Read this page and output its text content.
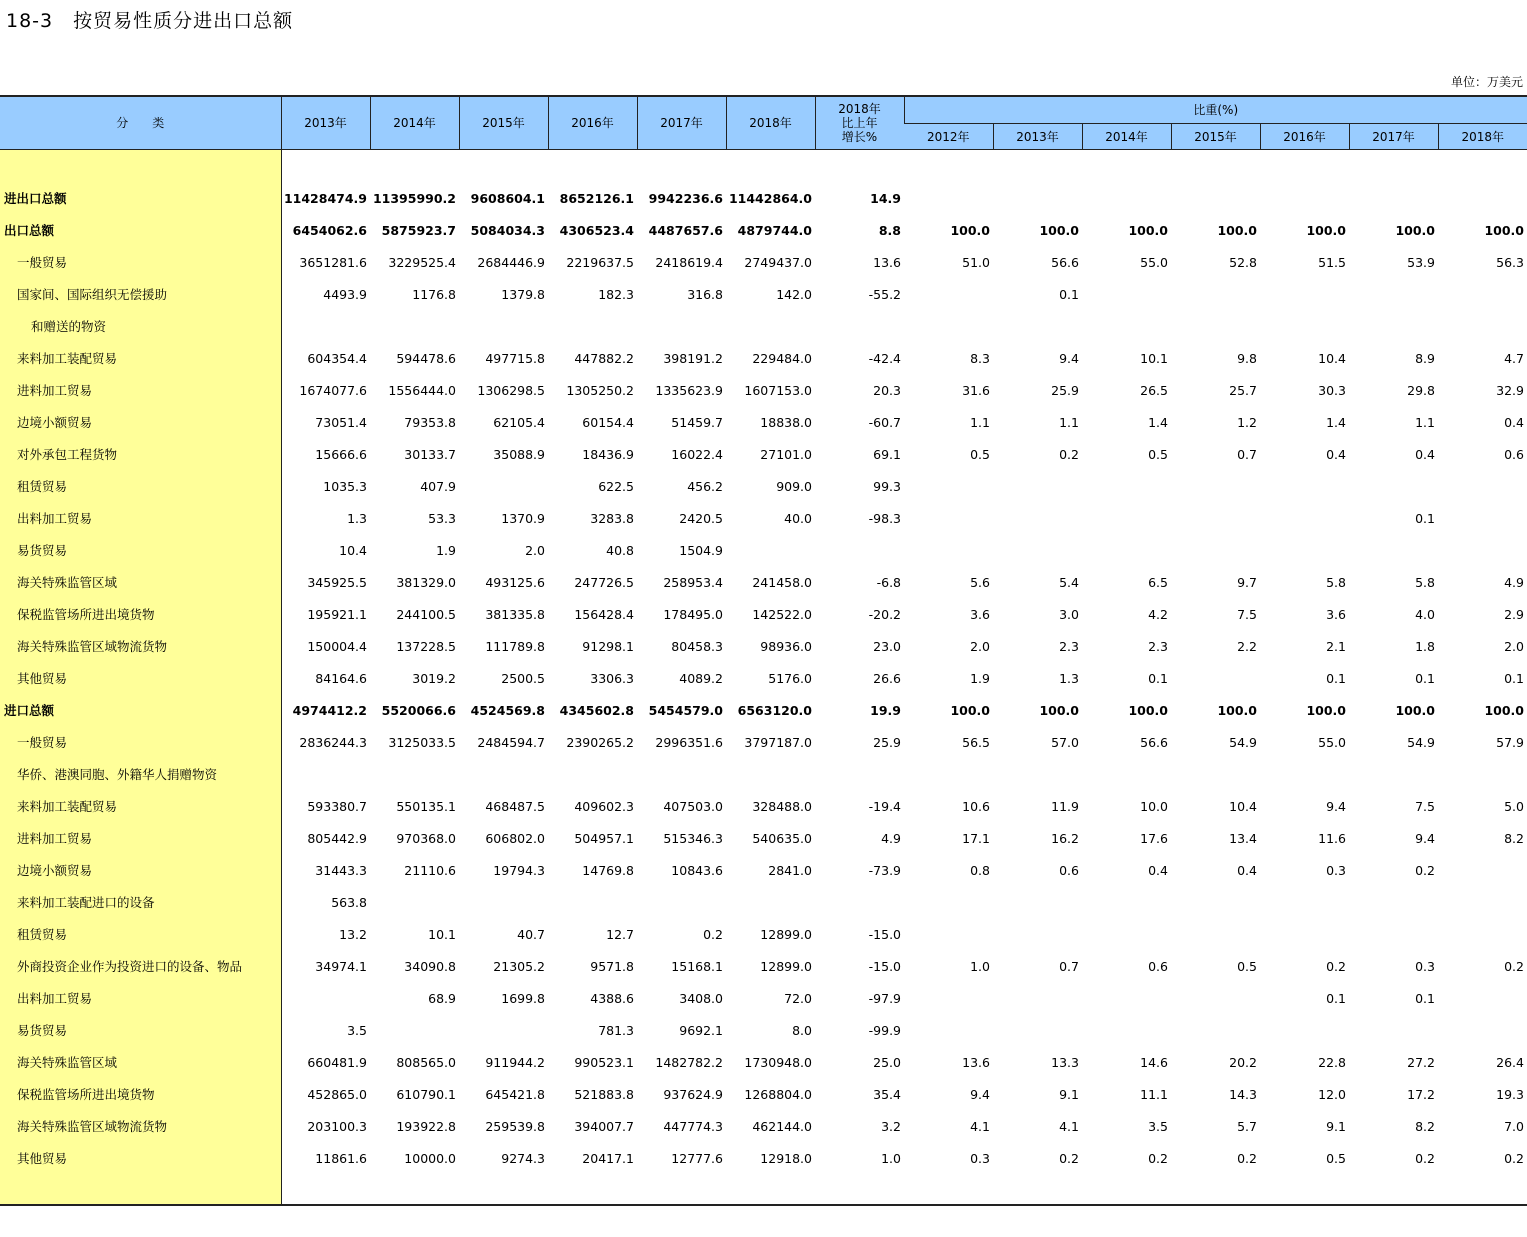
18-3　按贸易性质分进出口总额
单位：万美元
分　　类	2013年	2014年	2015年	2016年	2017年	2018年	2018年
比上年
增长%	比重(%)						
								2012年	2013年	2014年	2015年	2016年	2017年	2018年

进出口总额	11428474.9	11395990.2	9608604.1	8652126.1	9942236.6	11442864.0	14.9							
出口总额	6454062.6	5875923.7	5084034.3	4306523.4	4487657.6	4879744.0	8.8	100.0	100.0	100.0	100.0	100.0	100.0	100.0
一般贸易	3651281.6	3229525.4	2684446.9	2219637.5	2418619.4	2749437.0	13.6	51.0	56.6	55.0	52.8	51.5	53.9	56.3
国家间、国际组织无偿援助	4493.9	1176.8	1379.8	182.3	316.8	142.0	-55.2		0.1					
和赠送的物资														
来料加工装配贸易	604354.4	594478.6	497715.8	447882.2	398191.2	229484.0	-42.4	8.3	9.4	10.1	9.8	10.4	8.9	4.7
进料加工贸易	1674077.6	1556444.0	1306298.5	1305250.2	1335623.9	1607153.0	20.3	31.6	25.9	26.5	25.7	30.3	29.8	32.9
边境小额贸易	73051.4	79353.8	62105.4	60154.4	51459.7	18838.0	-60.7	1.1	1.1	1.4	1.2	1.4	1.1	0.4
对外承包工程货物	15666.6	30133.7	35088.9	18436.9	16022.4	27101.0	69.1	0.5	0.2	0.5	0.7	0.4	0.4	0.6
租赁贸易	1035.3	407.9		622.5	456.2	909.0	99.3							
出料加工贸易	1.3	53.3	1370.9	3283.8	2420.5	40.0	-98.3						0.1	
易货贸易	10.4	1.9	2.0	40.8	1504.9									
海关特殊监管区域	345925.5	381329.0	493125.6	247726.5	258953.4	241458.0	-6.8	5.6	5.4	6.5	9.7	5.8	5.8	4.9
保税监管场所进出境货物	195921.1	244100.5	381335.8	156428.4	178495.0	142522.0	-20.2	3.6	3.0	4.2	7.5	3.6	4.0	2.9
海关特殊监管区域物流货物	150004.4	137228.5	111789.8	91298.1	80458.3	98936.0	23.0	2.0	2.3	2.3	2.2	2.1	1.8	2.0
其他贸易	84164.6	3019.2	2500.5	3306.3	4089.2	5176.0	26.6	1.9	1.3	0.1		0.1	0.1	0.1
进口总额	4974412.2	5520066.6	4524569.8	4345602.8	5454579.0	6563120.0	19.9	100.0	100.0	100.0	100.0	100.0	100.0	100.0
一般贸易	2836244.3	3125033.5	2484594.7	2390265.2	2996351.6	3797187.0	25.9	56.5	57.0	56.6	54.9	55.0	54.9	57.9
华侨、港澳同胞、外籍华人捐赠物资														
来料加工装配贸易	593380.7	550135.1	468487.5	409602.3	407503.0	328488.0	-19.4	10.6	11.9	10.0	10.4	9.4	7.5	5.0
进料加工贸易	805442.9	970368.0	606802.0	504957.1	515346.3	540635.0	4.9	17.1	16.2	17.6	13.4	11.6	9.4	8.2
边境小额贸易	31443.3	21110.6	19794.3	14769.8	10843.6	2841.0	-73.9	0.8	0.6	0.4	0.4	0.3	0.2	
来料加工装配进口的设备	563.8													
租赁贸易	13.2	10.1	40.7	12.7	0.2	12899.0	-15.0							
外商投资企业作为投资进口的设备、物品	34974.1	34090.8	21305.2	9571.8	15168.1	12899.0	-15.0	1.0	0.7	0.6	0.5	0.2	0.3	0.2
出料加工贸易		68.9	1699.8	4388.6	3408.0	72.0	-97.9					0.1	0.1	
易货贸易	3.5			781.3	9692.1	8.0	-99.9							
海关特殊监管区域	660481.9	808565.0	911944.2	990523.1	1482782.2	1730948.0	25.0	13.6	13.3	14.6	20.2	22.8	27.2	26.4
保税监管场所进出境货物	452865.0	610790.1	645421.8	521883.8	937624.9	1268804.0	35.4	9.4	9.1	11.1	14.3	12.0	17.2	19.3
海关特殊监管区域物流货物	203100.3	193922.8	259539.8	394007.7	447774.3	462144.0	3.2	4.1	4.1	3.5	5.7	9.1	8.2	7.0
其他贸易	11861.6	10000.0	9274.3	20417.1	12777.6	12918.0	1.0	0.3	0.2	0.2	0.2	0.5	0.2	0.2
